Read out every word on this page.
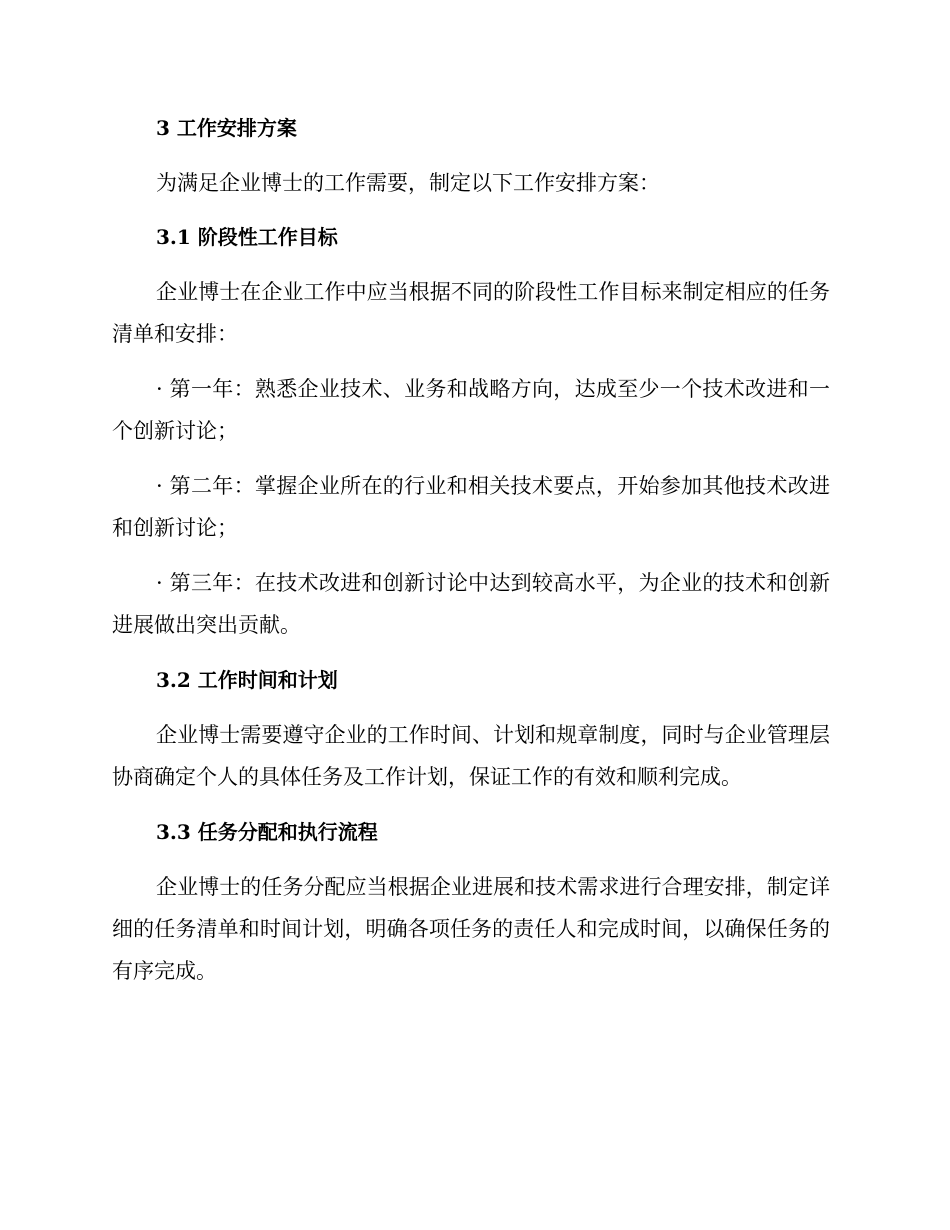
3 工作安排方案

为满足企业博士的工作需要，制定以下工作安排方案：

3.1 阶段性工作目标

企业博士在企业工作中应当根据不同的阶段性工作目标来制定相应的任务清单和安排：

· 第一年：熟悉企业技术、业务和战略方向，达成至少一个技术改进和一个创新讨论；

· 第二年：掌握企业所在的行业和相关技术要点，开始参加其他技术改进和创新讨论；

· 第三年：在技术改进和创新讨论中达到较高水平，为企业的技术和创新进展做出突出贡献。

3.2 工作时间和计划

企业博士需要遵守企业的工作时间、计划和规章制度，同时与企业管理层协商确定个人的具体任务及工作计划，保证工作的有效和顺利完成。

3.3 任务分配和执行流程

企业博士的任务分配应当根据企业进展和技术需求进行合理安排，制定详细的任务清单和时间计划，明确各项任务的责任人和完成时间，以确保任务的有序完成。
